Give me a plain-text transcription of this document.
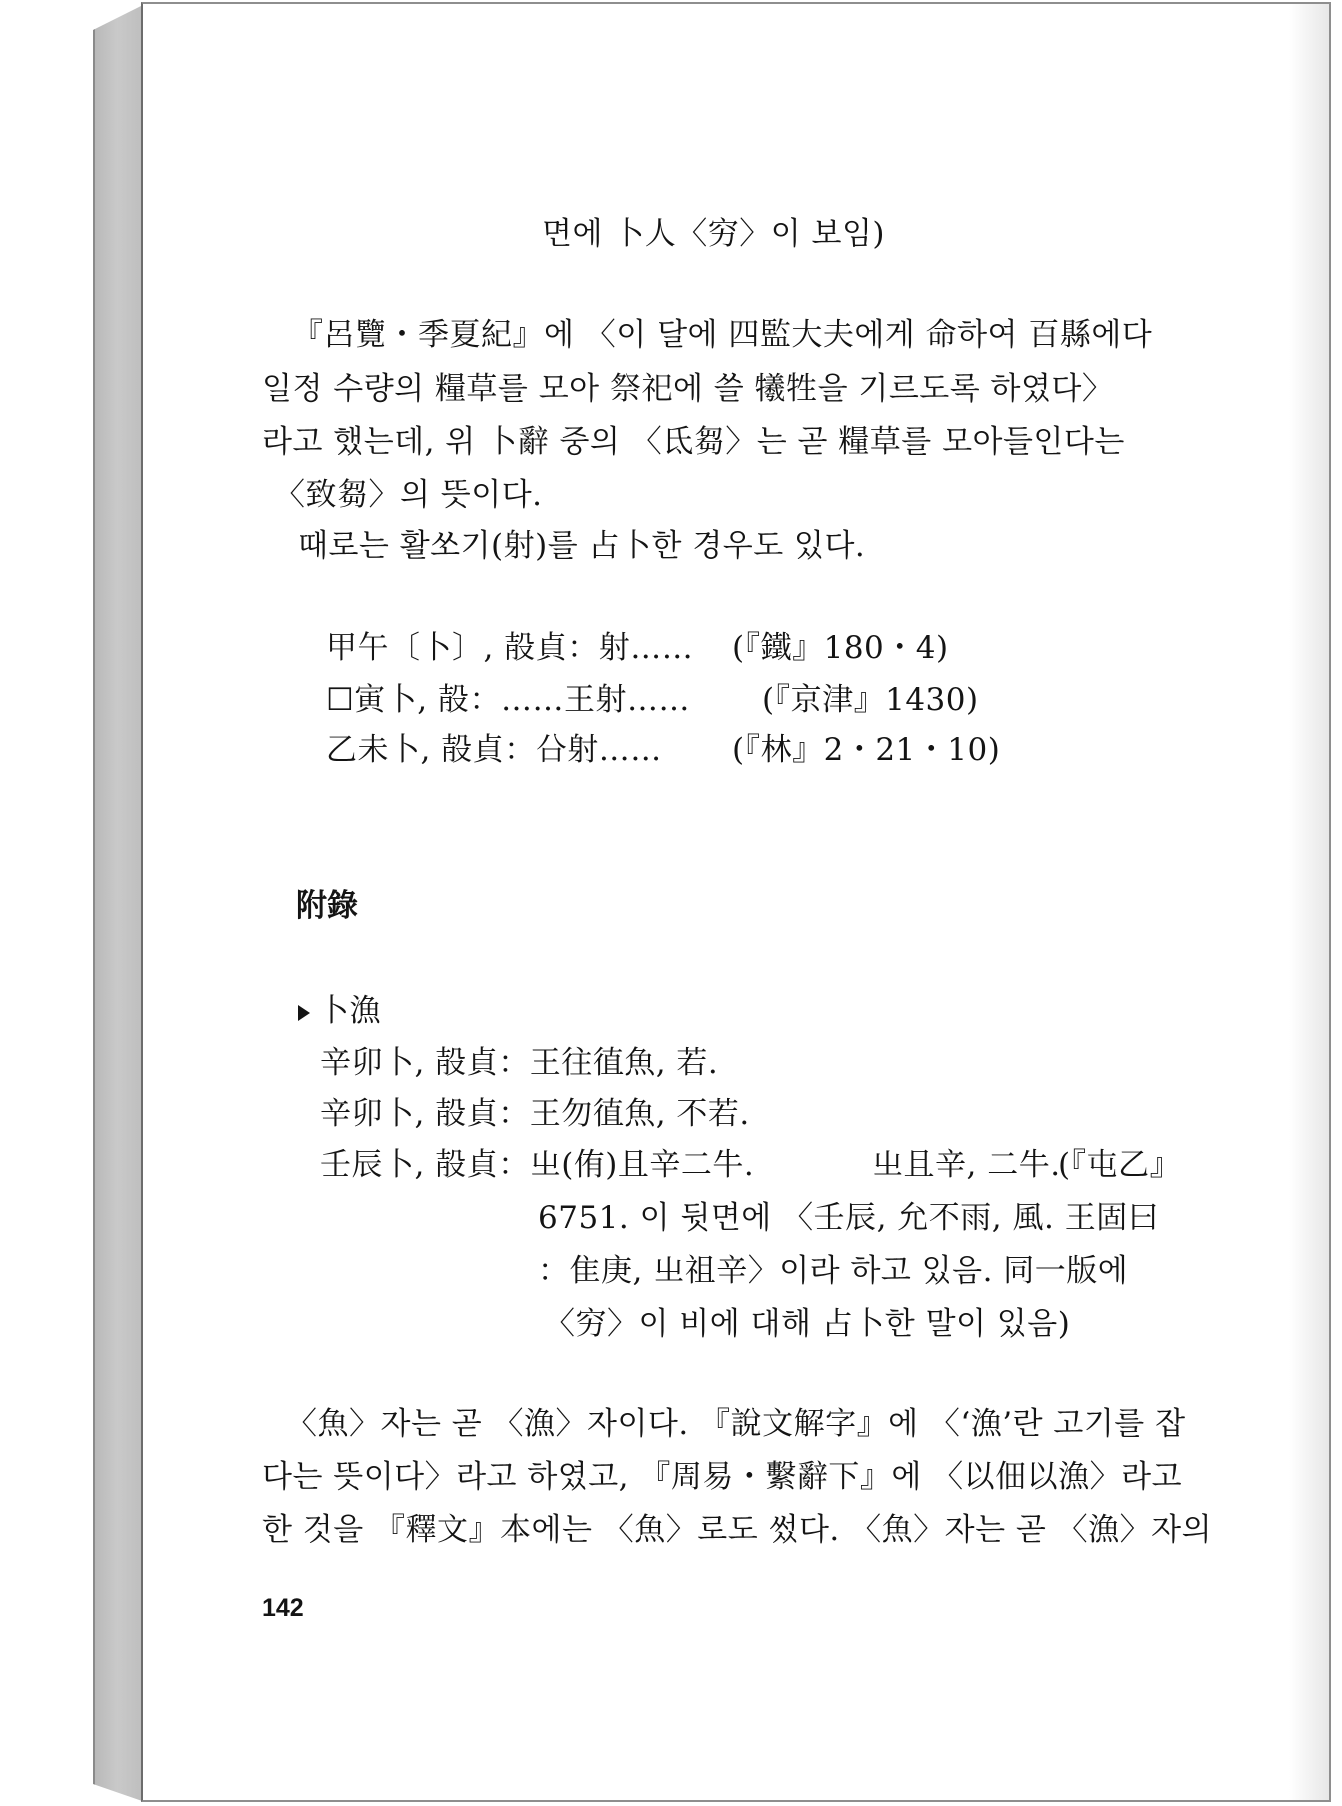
면에 卜人〈穷〉이 보임)
『呂覽・季夏紀』에 〈이 달에 四監大夫에게 命하여 百縣에다
일정 수량의 糧草를 모아 祭祀에 쓸 犧牲을 기르도록 하였다〉
라고 했는데, 위 卜辭 중의 〈氐芻〉는 곧 糧草를 모아들인다는
〈致芻〉의 뜻이다.
때로는 활쏘기(射)를 占卜한 경우도 있다.
甲午〔卜〕, 㱿貞：射…… (『鐵』180・4)
☐寅卜, 㱿：……王射…… (『京津』1430)
乙未卜, 㱿貞：㕣射…… (『林』2・21・10)
附錄
卜漁
辛卯卜, 㱿貞：王往徝魚, 若.
辛卯卜, 㱿貞：王勿徝魚, 不若.
壬辰卜, 㱿貞：㞢(侑)且辛二牛.	㞢且辛, 二牛.
(『屯乙』
6751. 이 뒷면에 〈壬辰, 允不雨, 風. 王固曰
：隹庚, 㞢祖辛〉이라 하고 있음. 同一版에
〈穷〉이 비에 대해 占卜한 말이 있음)
〈魚〉자는 곧 〈漁〉자이다. 『說文解字』에 〈‘漁’란 고기를 잡
다는 뜻이다〉라고 하였고, 『周易・繫辭下』에 〈以佃以漁〉라고
한 것을 『釋文』本에는 〈魚〉로도 썼다. 〈魚〉자는 곧 〈漁〉자의
142
